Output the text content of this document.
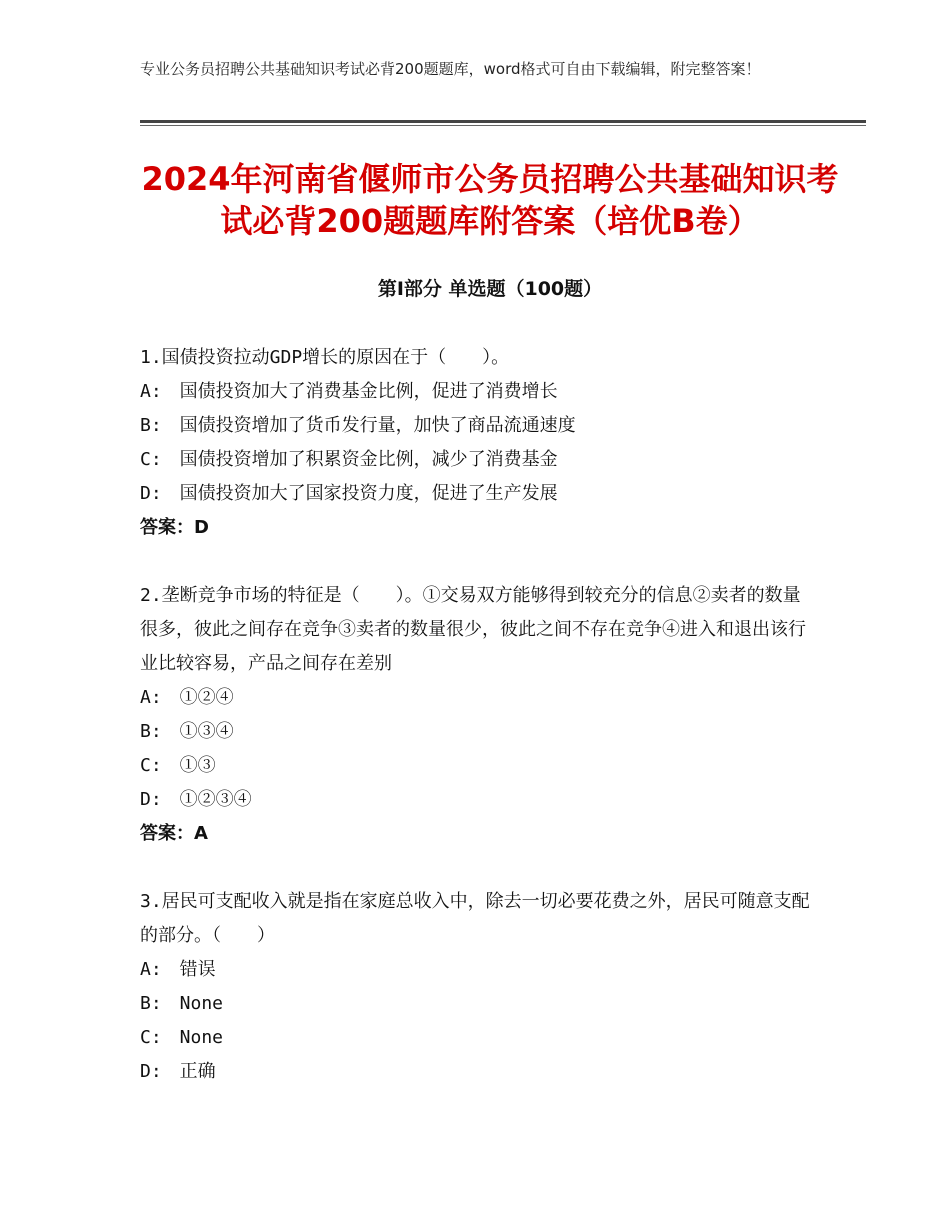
专业公务员招聘公共基础知识考试必背200题题库，word格式可自由下载编辑，附完整答案！
2024年河南省偃师市公务员招聘公共基础知识考试必背200题题库附答案（培优B卷）
第Ⅰ部分 单选题（100题）
1.国债投资拉动GDP增长的原因在于（　　）。
A:　国债投资加大了消费基金比例，促进了消费增长
B:　国债投资增加了货币发行量，加快了商品流通速度
C:　国债投资增加了积累资金比例，减少了消费基金
D:　国债投资加大了国家投资力度，促进了生产发展
答案：D
2.垄断竞争市场的特征是（　　）。①交易双方能够得到较充分的信息②卖者的数量很多，彼此之间存在竞争③卖者的数量很少，彼此之间不存在竞争④进入和退出该行业比较容易，产品之间存在差别
A:　①②④
B:　①③④
C:　①③
D:　①②③④
答案：A
3.居民可支配收入就是指在家庭总收入中，除去一切必要花费之外，居民可随意支配的部分。（　　）
A:　错误
B:　None
C:　None
D:　正确
